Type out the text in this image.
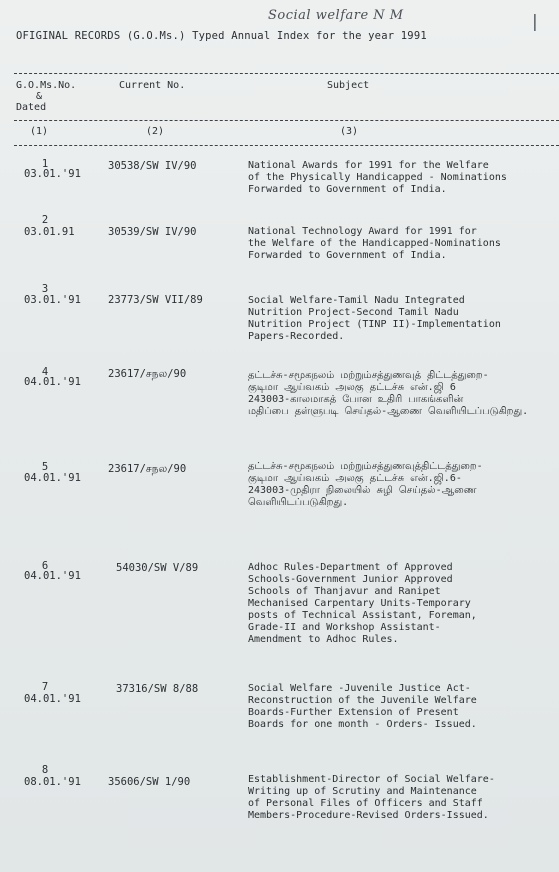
Social welfare N M	|
OFIGINAL RECORDS (G.O.Ms.) Typed Annual Index for the year 1991
G.O.Ms.No.
&
Dated
Current No.	Subject
(1)	(2)	(3)
1
03.01.'91
30538/SW IV/90	National Awards for 1991 for the Welfare
of the Physically Handicapped - Nominations
Forwarded to Government of India.
2
03.01.91	30539/SW IV/90	National Technology Award for 1991 for
the Welfare of the Handicapped-Nominations
Forwarded to Government of India.
3
03.01.'91	23773/SW VII/89	Social Welfare-Tamil Nadu Integrated
Nutrition Project-Second Tamil Nadu
Nutrition Project (TINP II)-Implementation
Papers-Recorded.
4
04.01.'91
23617/சநல/90	தட்டச்சு-சமூகநலம் மற்றும்சத்துணவுத் திட்டத்துறை-
குடிமா ஆய்வகம் அலகு தட்டச்சு என்.ஜி 6
243003-காலமாகத் போன உதிரி பாகங்களின்
மதிப்பை தள்ளுபடி செய்தல்-ஆணை வெளியிடப்படுகிறது.
5
04.01.'91
23617/சநல/90	தட்டச்சு-சமூகநலம் மற்றும்சத்துணவுத்திட்டத்துறை-
குடிமா ஆய்வகம் அலகு தட்டச்சு என்.ஜி.6-
243003-முதிரா நிலையில் சுழி செய்தல்-ஆணை
வெளியிடப்படுகிறது.
6
04.01.'91
54030/SW V/89	Adhoc Rules-Department of Approved
Schools-Government Junior Approved
Schools of Thanjavur and Ranipet
Mechanised Carpentary Units-Temporary
posts of Technical Assistant, Foreman,
Grade-II and Workshop Assistant-
Amendment to Adhoc Rules.
7
04.01.'91
37316/SW 8/88	Social Welfare -Juvenile Justice Act-
Reconstruction of the Juvenile Welfare
Boards-Further Extension of Present
Boards for one month - Orders- Issued.
8
08.01.'91	35606/SW 1/90	Establishment-Director of Social Welfare-
Writing up of Scrutiny and Maintenance
of Personal Files of Officers and Staff
Members-Procedure-Revised Orders-Issued.
